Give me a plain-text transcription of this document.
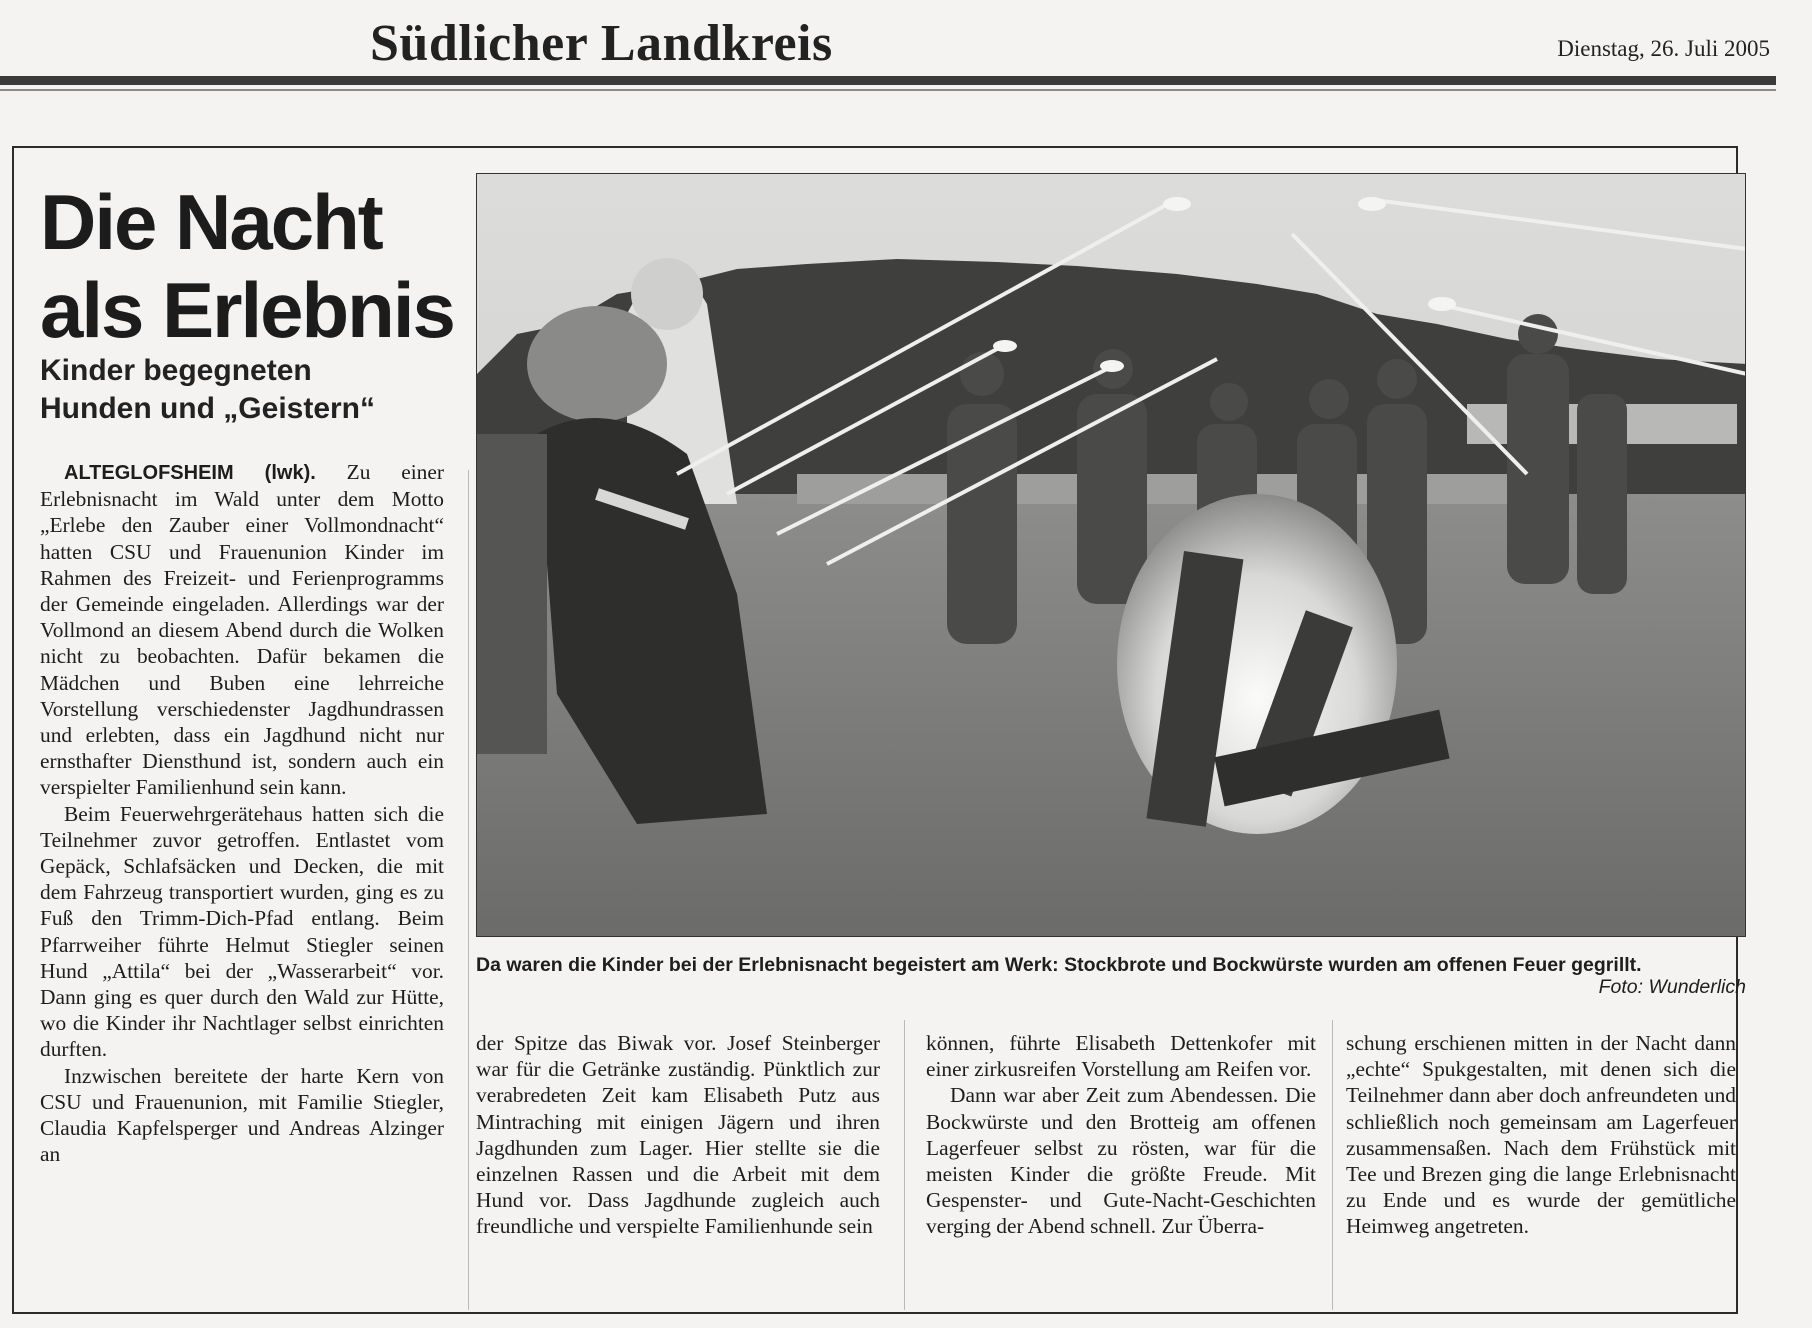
Südlicher Landkreis	Dienstag, 26. Juli 2005
Die Nacht
als Erlebnis
Kinder begegneten
Hunden und „Geistern“

ALTEGLOFSHEIM (lwk). Zu einer Erlebnisnacht im Wald unter dem Motto „Erlebe den Zauber einer Vollmondnacht“ hatten CSU und Frauenunion Kinder im Rahmen des Freizeit- und Ferienprogramms der Gemeinde eingeladen. Allerdings war der Vollmond an diesem Abend durch die Wolken nicht zu beobachten. Dafür bekamen die Mädchen und Buben eine lehrreiche Vorstellung verschiedenster Jagdhundrassen und erlebten, dass ein Jagdhund nicht nur ernsthafter Diensthund ist, sondern auch ein verspielter Familienhund sein kann.

Beim Feuerwehrgerätehaus hatten sich die Teilnehmer zuvor getroffen. Entlastet vom Gepäck, Schlafsäcken und Decken, die mit dem Fahrzeug transportiert wurden, ging es zu Fuß den Trimm-Dich-Pfad entlang. Beim Pfarrweiher führte Helmut Stiegler seinen Hund „Attila“ bei der „Wasserarbeit“ vor. Dann ging es quer durch den Wald zur Hütte, wo die Kinder ihr Nachtlager selbst einrichten durften.

Inzwischen bereitete der harte Kern von CSU und Frauenunion, mit Familie Stiegler, Claudia Kapfelsperger und Andreas Alzinger an

Da waren die Kinder bei der Erlebnisnacht begeistert am Werk: Stockbrote und Bockwürste wurden am offenen Feuer gegrillt.
Foto: Wunderlich

der Spitze das Biwak vor. Josef Steinberger war für die Getränke zuständig. Pünktlich zur verabredeten Zeit kam Elisabeth Putz aus Mintraching mit einigen Jägern und ihren Jagdhunden zum Lager. Hier stellte sie die einzelnen Rassen und die Arbeit mit dem Hund vor. Dass Jagdhunde zugleich auch freundliche und verspielte Familienhunde sein

können, führte Elisabeth Dettenkofer mit einer zirkusreifen Vorstellung am Reifen vor.

Dann war aber Zeit zum Abendessen. Die Bockwürste und den Brotteig am offenen Lagerfeuer selbst zu rösten, war für die meisten Kinder die größte Freude. Mit Gespenster- und Gute-Nacht-Geschichten verging der Abend schnell. Zur Überra-

schung erschienen mitten in der Nacht dann „echte“ Spukgestalten, mit denen sich die Teilnehmer dann aber doch anfreundeten und schließlich noch gemeinsam am Lagerfeuer zusammensaßen. Nach dem Frühstück mit Tee und Brezen ging die lange Erlebnisnacht zu Ende und es wurde der gemütliche Heimweg angetreten.
